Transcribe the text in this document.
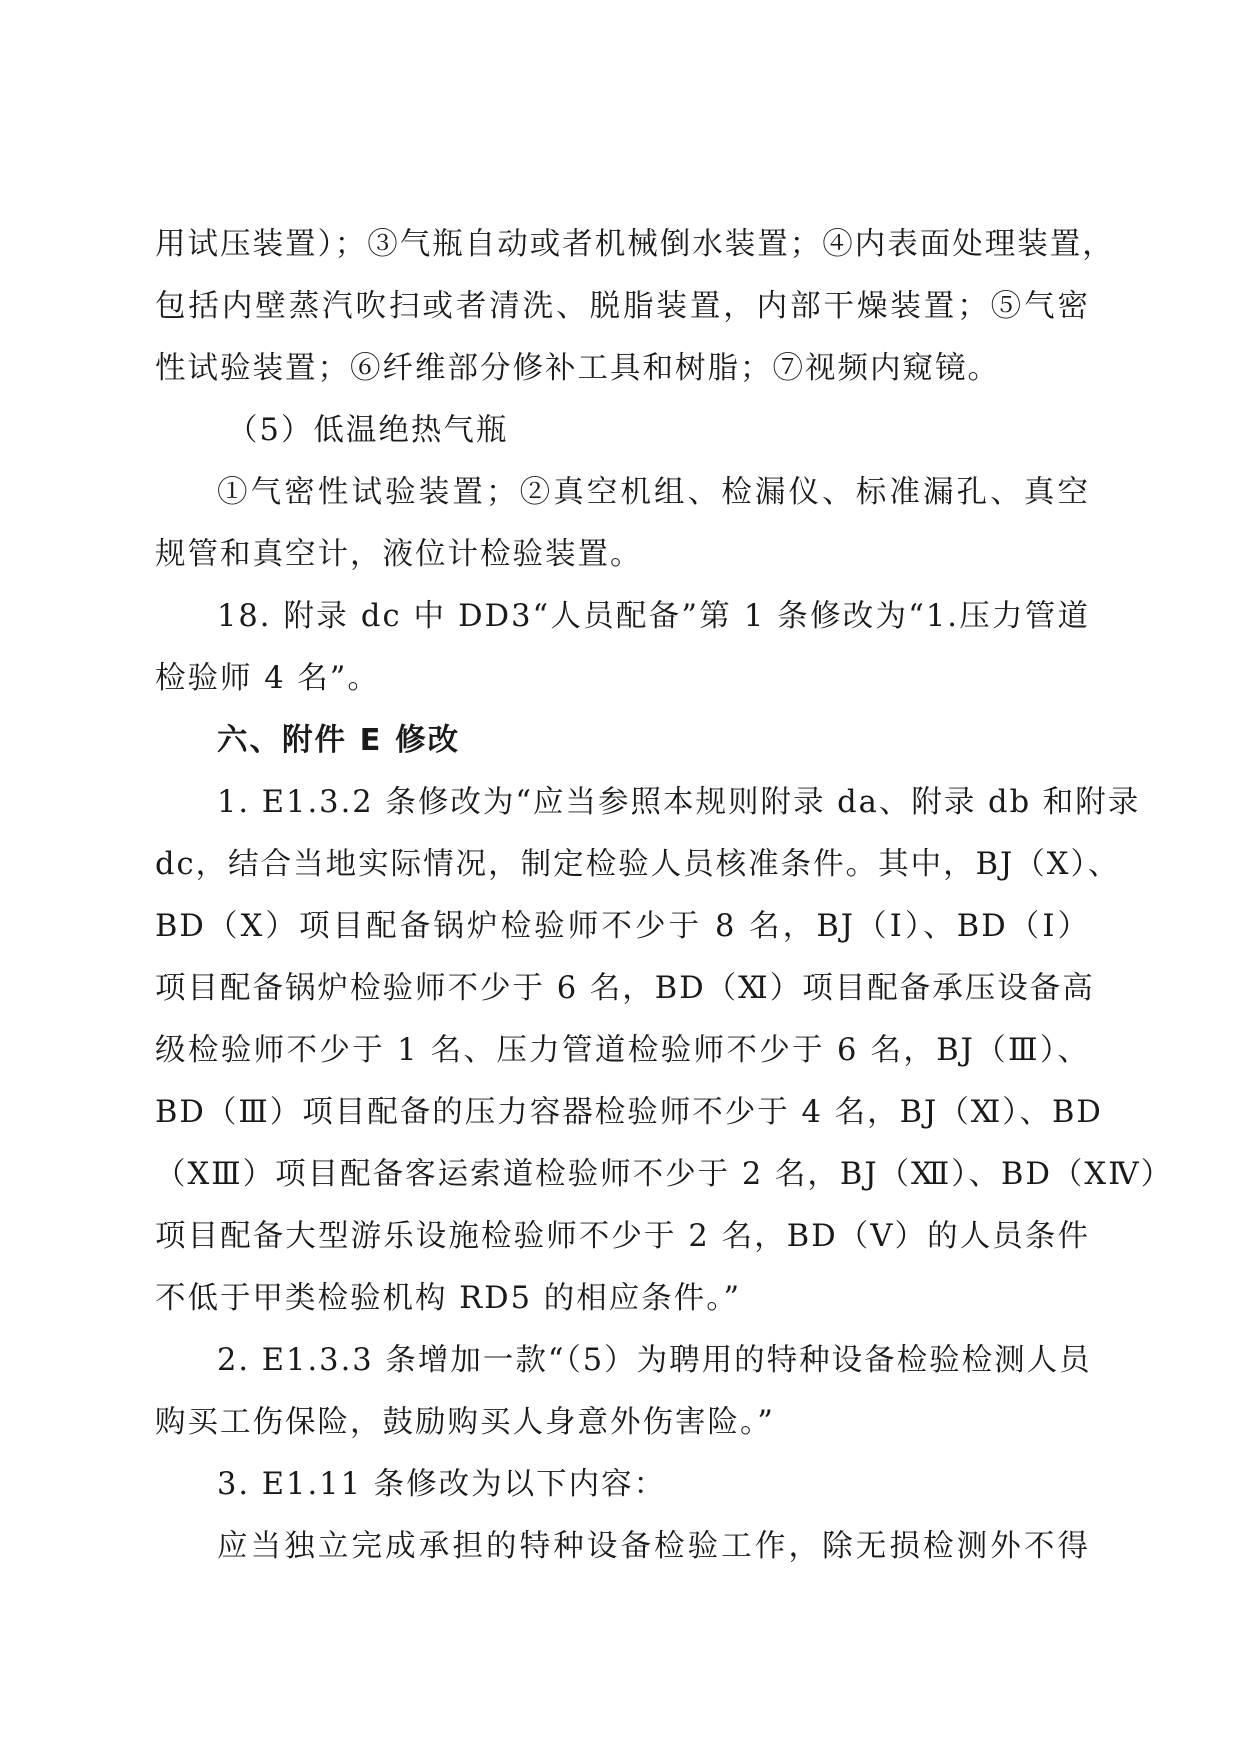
用试压装置）；③气瓶自动或者机械倒水装置；④内表面处理装置，
包括内壁蒸汽吹扫或者清洗、脱脂装置，内部干燥装置；⑤气密
性试验装置；⑥纤维部分修补工具和树脂；⑦视频内窥镜。
（5）低温绝热气瓶
①气密性试验装置；②真空机组、检漏仪、标准漏孔、真空
规管和真空计，液位计检验装置。
18. 附录 dc 中 DD3“人员配备”第 1 条修改为“1.压力管道
检验师 4 名”。
六、附件 E 修改
1. E1.3.2 条修改为“应当参照本规则附录 da、附录 db 和附录
dc，结合当地实际情况，制定检验人员核准条件。其中，BJ（Ⅹ）、
BD（Ⅹ）项目配备锅炉检验师不少于 8 名，BJ（Ⅰ）、BD（Ⅰ）
项目配备锅炉检验师不少于 6 名，BD（Ⅺ）项目配备承压设备高
级检验师不少于 1 名、压力管道检验师不少于 6 名，BJ（Ⅲ）、
BD（Ⅲ）项目配备的压力容器检验师不少于 4 名，BJ（Ⅺ）、BD
（ⅩⅢ）项目配备客运索道检验师不少于 2 名，BJ（Ⅻ）、BD（ⅩⅣ）
项目配备大型游乐设施检验师不少于 2 名，BD（Ⅴ）的人员条件
不低于甲类检验机构 RD5 的相应条件。”
2. E1.3.3 条增加一款“（5）为聘用的特种设备检验检测人员
购买工伤保险，鼓励购买人身意外伤害险。”
3. E1.11 条修改为以下内容：
应当独立完成承担的特种设备检验工作，除无损检测外不得
